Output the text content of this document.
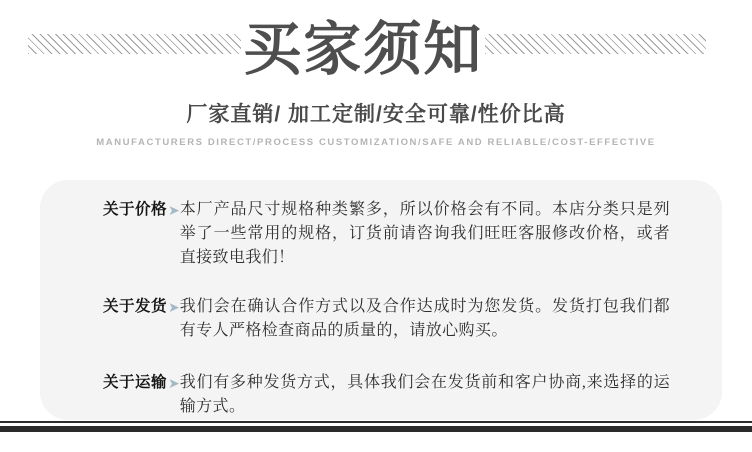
买家须知
厂家直销/ 加工定制/安全可靠/性价比高
MANUFACTURERS DIRECT/PROCESS CUSTOMIZATION/SAFE AND RELIABLE/COST-EFFECTIVE
关于价格 ➤ 本厂产品尺寸规格种类繁多，所以价格会有不同。本店分类只是列举了一些常用的规格，订货前请咨询我们旺旺客服修改价格，或者直接致电我们！

关于发货 ➤ 我们会在确认合作方式以及合作达成时为您发货。发货打包我们都有专人严格检查商品的质量的，请放心购买。

关于运输 ➤ 我们有多种发货方式，具体我们会在发货前和客户协商,来选择的运输方式。
